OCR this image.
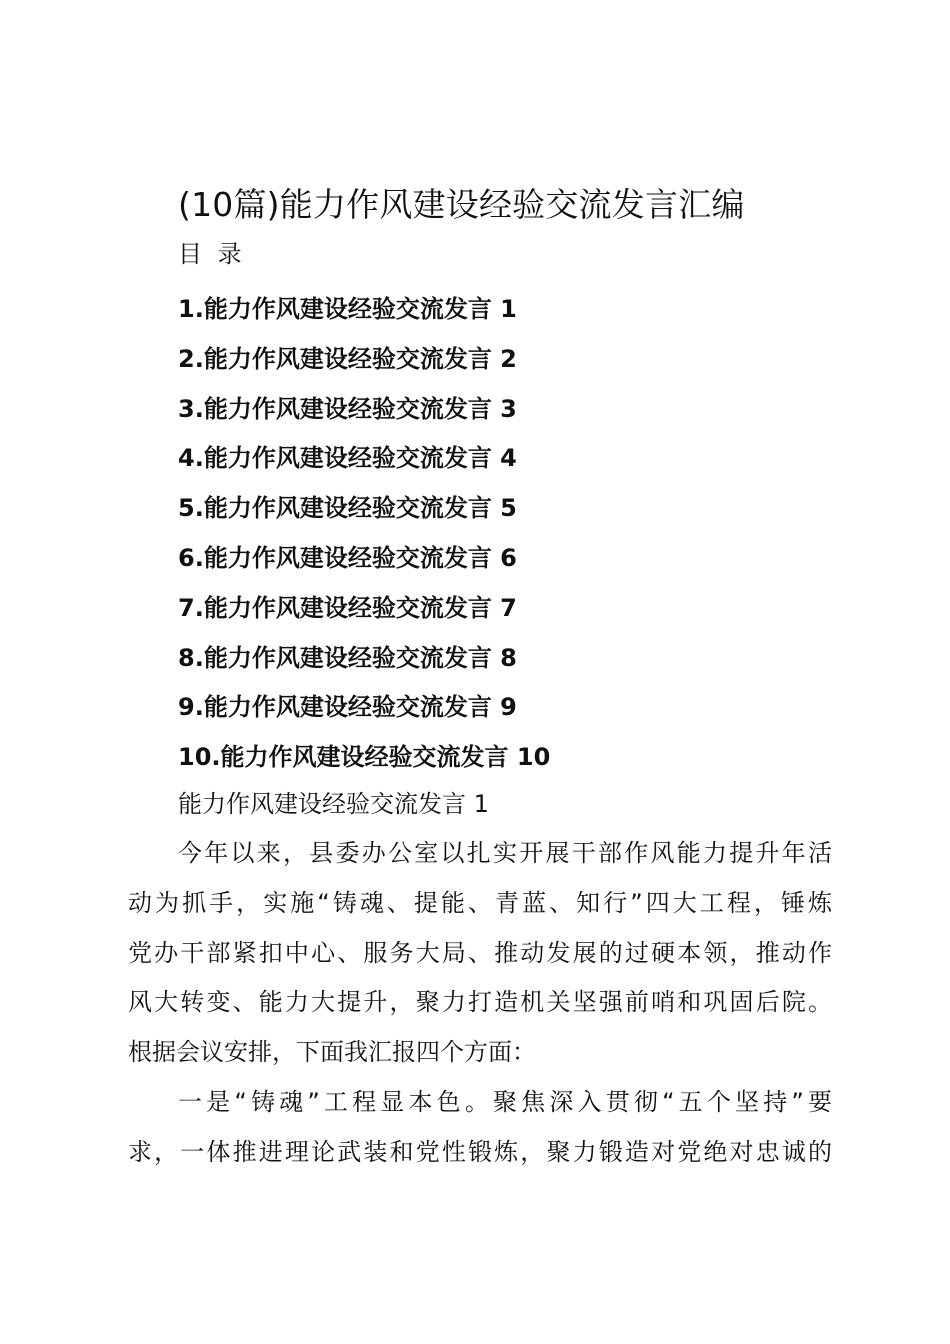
(10篇)能力作风建设经验交流发言汇编
目 录
1.能力作风建设经验交流发言 1
2.能力作风建设经验交流发言 2
3.能力作风建设经验交流发言 3
4.能力作风建设经验交流发言 4
5.能力作风建设经验交流发言 5
6.能力作风建设经验交流发言 6
7.能力作风建设经验交流发言 7
8.能力作风建设经验交流发言 8
9.能力作风建设经验交流发言 9
10.能力作风建设经验交流发言 10
能力作风建设经验交流发言 1
今年以来，县委办公室以扎实开展干部作风能力提升年活
动为抓手，实施“铸魂、提能、青蓝、知行”四大工程，锤炼
党办干部紧扣中心、服务大局、推动发展的过硬本领，推动作
风大转变、能力大提升，聚力打造机关坚强前哨和巩固后院。
根据会议安排，下面我汇报四个方面：
一是“铸魂”工程显本色。聚焦深入贯彻“五个坚持”要
求，一体推进理论武装和党性锻炼，聚力锻造对党绝对忠诚的
